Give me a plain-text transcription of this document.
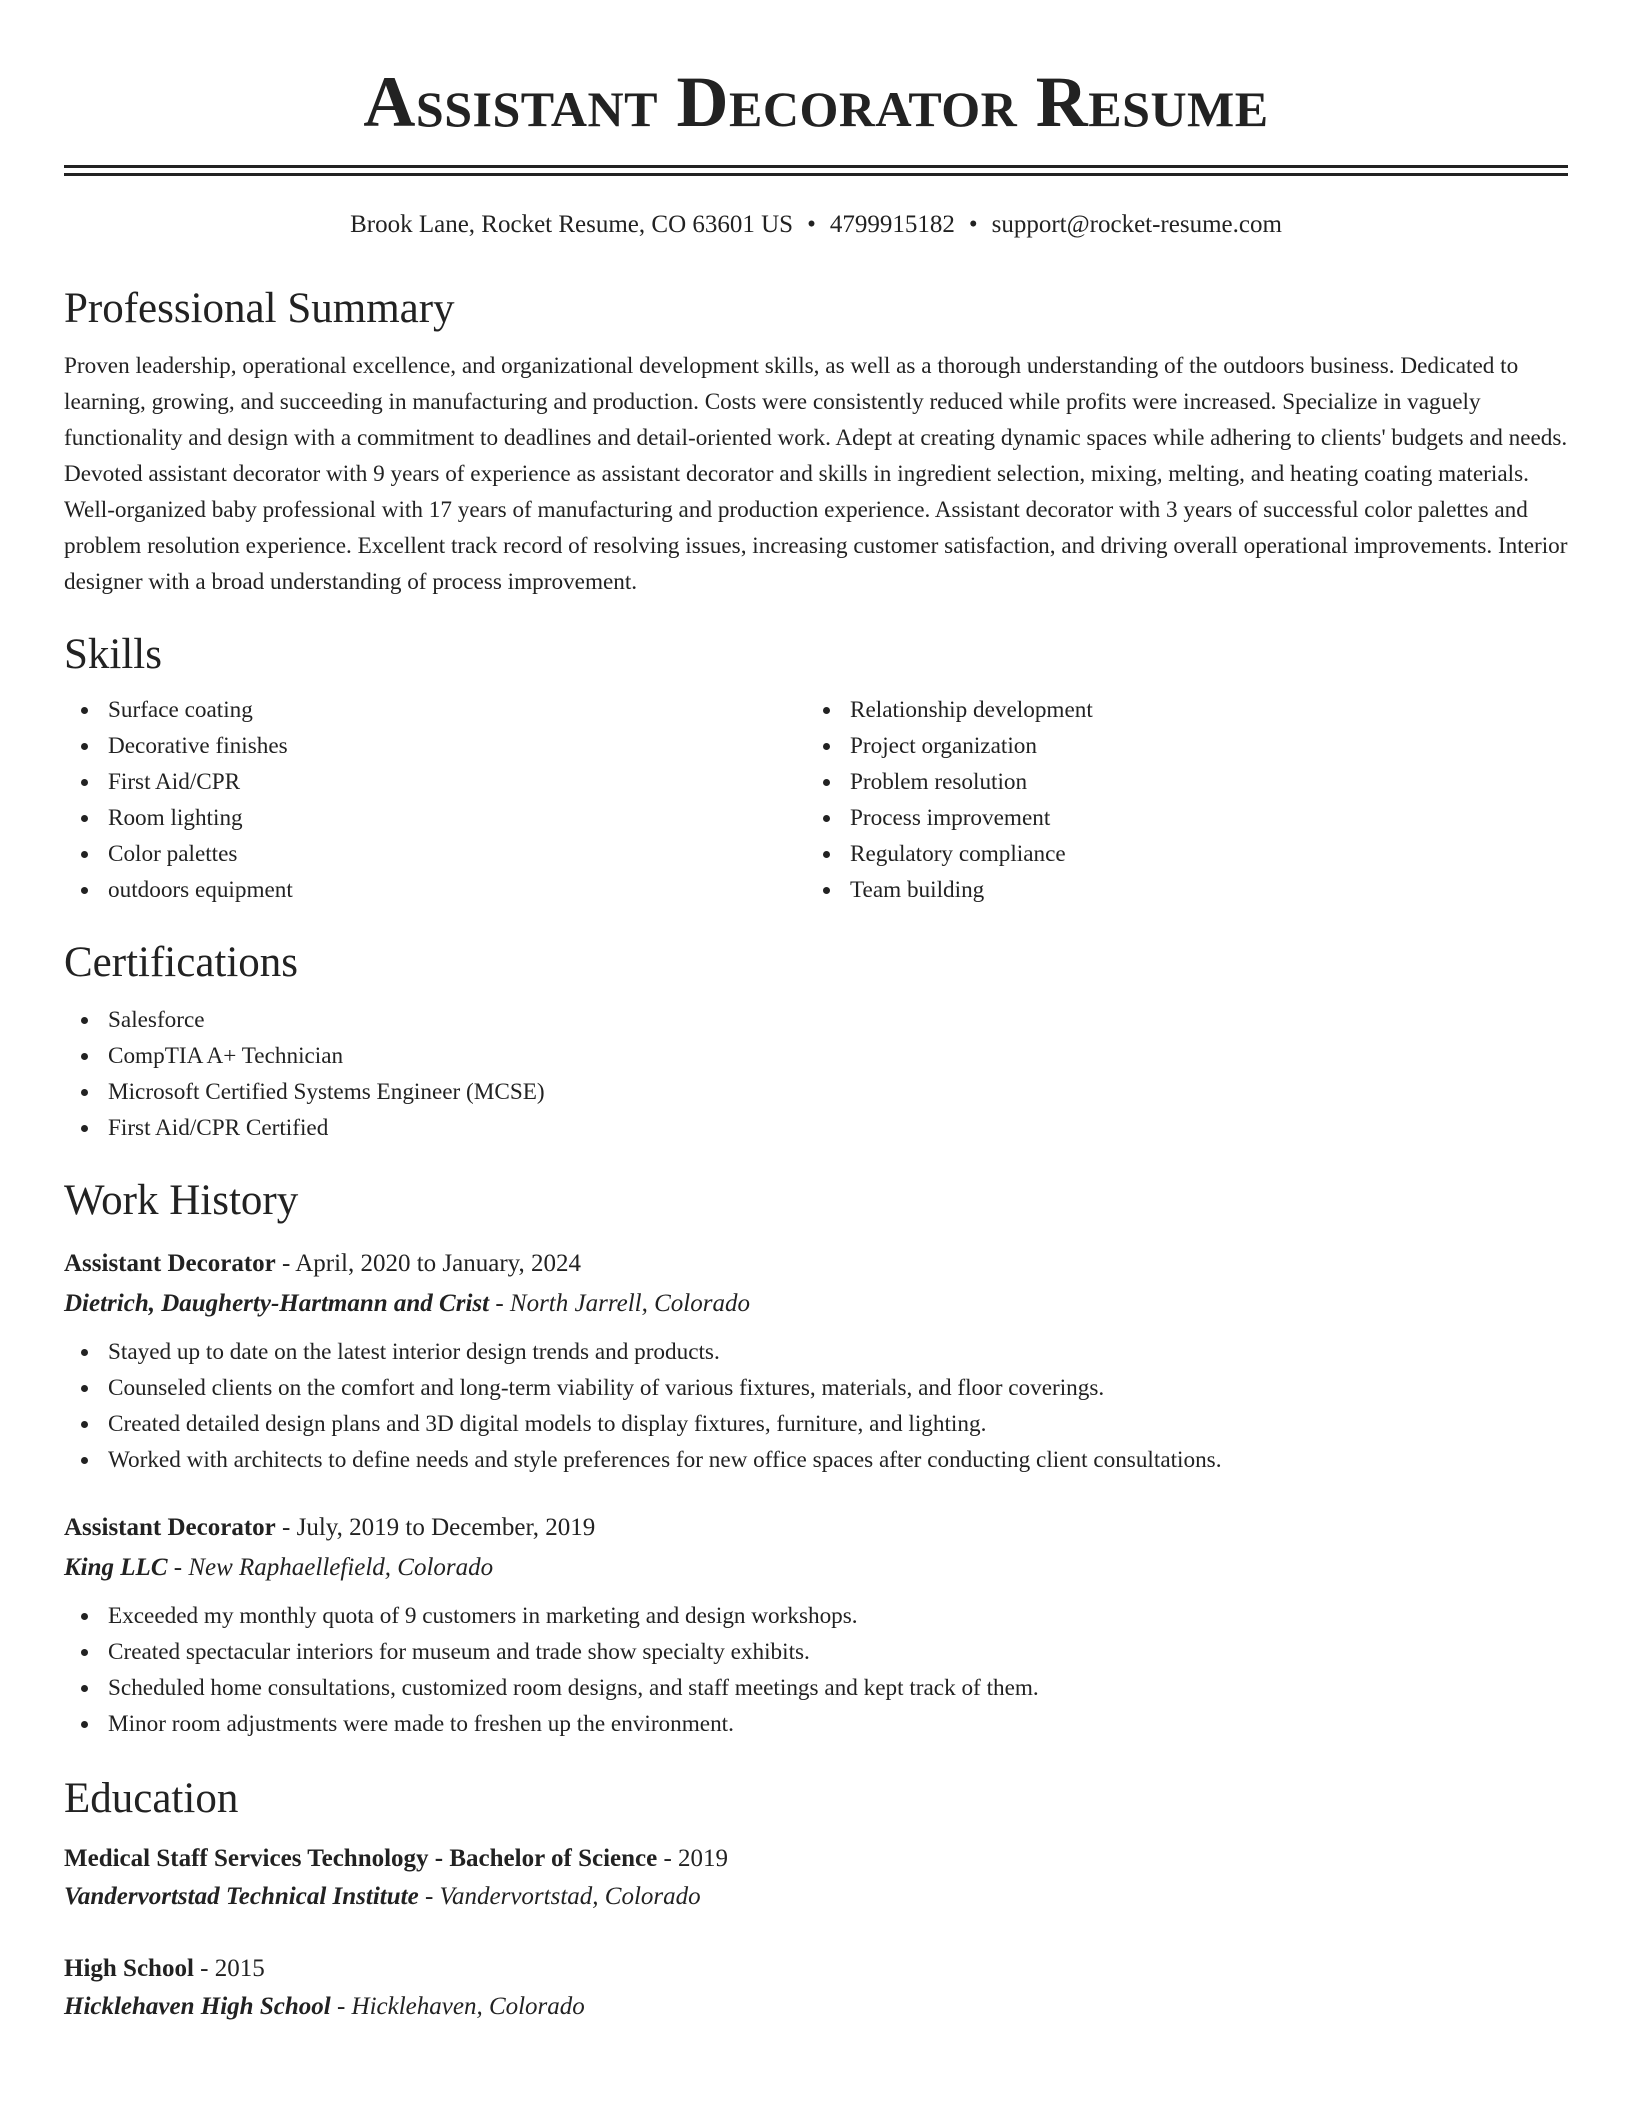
Assistant Decorator Resume
Brook Lane, Rocket Resume, CO 63601 US • 4799915182 • support@rocket-resume.com
Professional Summary

Proven leadership, operational excellence, and organizational development skills, as well as a thorough understanding of the outdoors business. Dedicated to learning, growing, and succeeding in manufacturing and production. Costs were consistently reduced while profits were increased. Specialize in vaguely functionality and design with a commitment to deadlines and detail-oriented work. Adept at creating dynamic spaces while adhering to clients' budgets and needs. Devoted assistant decorator with 9 years of experience as assistant decorator and skills in ingredient selection, mixing, melting, and heating coating materials. Well-organized baby professional with 17 years of manufacturing and production experience. Assistant decorator with 3 years of successful color palettes and problem resolution experience. Excellent track record of resolving issues, increasing customer satisfaction, and driving overall operational improvements. Interior designer with a broad understanding of process improvement.

Skills
Surface coating
Decorative finishes
First Aid/CPR
Room lighting
Color palettes
outdoors equipment
Relationship development
Project organization
Problem resolution
Process improvement
Regulatory compliance
Team building
Certifications
Salesforce
CompTIA A+ Technician
Microsoft Certified Systems Engineer (MCSE)
First Aid/CPR Certified
Work History
Assistant Decorator - April, 2020 to January, 2024
Dietrich, Daugherty-Hartmann and Crist - North Jarrell, Colorado
Stayed up to date on the latest interior design trends and products.
Counseled clients on the comfort and long-term viability of various fixtures, materials, and floor coverings.
Created detailed design plans and 3D digital models to display fixtures, furniture, and lighting.
Worked with architects to define needs and style preferences for new office spaces after conducting client consultations.
Assistant Decorator - July, 2019 to December, 2019
King LLC - New Raphaellefield, Colorado
Exceeded my monthly quota of 9 customers in marketing and design workshops.
Created spectacular interiors for museum and trade show specialty exhibits.
Scheduled home consultations, customized room designs, and staff meetings and kept track of them.
Minor room adjustments were made to freshen up the environment.
Education
Medical Staff Services Technology - Bachelor of Science - 2019
Vandervortstad Technical Institute - Vandervortstad, Colorado
High School - 2015
Hicklehaven High School - Hicklehaven, Colorado
